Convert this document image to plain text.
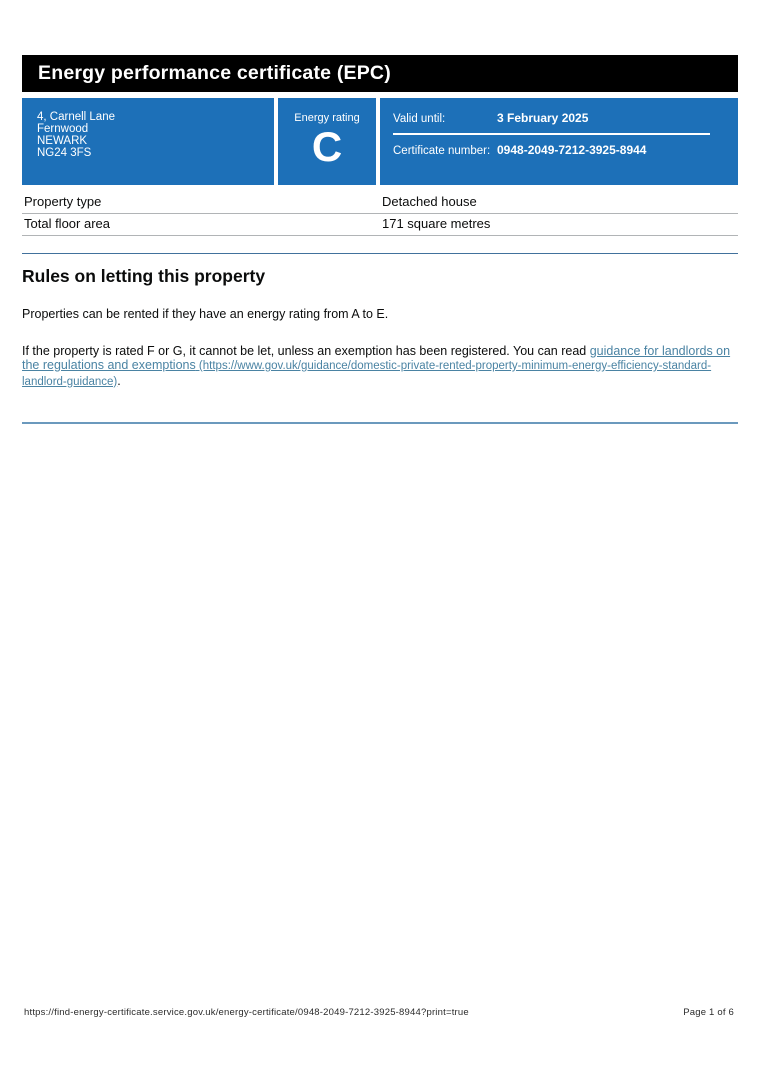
Energy performance certificate (EPC)
4, Carnell Lane
Fernwood
NEWARK
NG24 3FS
Energy rating
C
Valid until:	3 February 2025
Certificate number: 0948-2049-7212-3925-8944
Property type	Detached house
Total floor area	171 square metres
Rules on letting this property

Properties can be rented if they have an energy rating from A to E.

If the property is rated F or G, it cannot be let, unless an exemption has been registered. You can read guidance for landlords on the regulations and exemptions (https://www.gov.uk/guidance/domestic-private-rented-property-minimum-energy-efficiency-standard-landlord-guidance).

https://find-energy-certificate.service.gov.uk/energy-certificate/0948-2049-7212-3925-8944?print=true	Page 1 of 6
